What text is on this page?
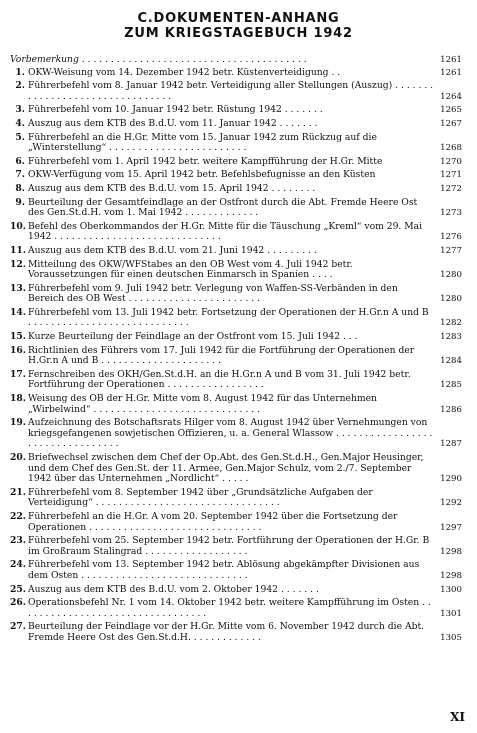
C.DOKUMENTEN-ANHANG
ZUM KRIEGSTAGEBUCH 1942
Vorbemerkung . . . . . . . . . . . . . . . . . . . . . . . . . . . . . . . . . . . . . . .	1261
1. OKW-Weisung vom 14. Dezember 1942 betr. Küstenverteidigung . .	1261
2. Führerbefehl vom 8. Januar 1942 betr. Verteidigung aller Stellungen (Auszug) . . . . . . . . . . . . . . . . . . . . . . . . . . . . . . . .	1264
3. Führerbefehl vom 10. Januar 1942 betr. Rüstung 1942 . . . . . . .	1265
4. Auszug aus dem KTB des B.d.U. vom 11. Januar 1942 . . . . . . .	1267
5. Führerbefehl an die H.Gr. Mitte vom 15. Januar 1942 zum Rückzug auf die „Winterstellung“ . . . . . . . . . . . . . . . . . . . . . . . .	1268
6. Führerbefehl vom 1. April 1942 betr. weitere Kampfführung der H.Gr. Mitte	1270
7. OKW-Verfügung vom 15. April 1942 betr. Befehlsbefugnisse an den Küsten	1271
8. Auszug aus dem KTB des B.d.U. vom 15. April 1942 . . . . . . . .	1272
9. Beurteilung der Gesamtfeindlage an der Ostfront durch die Abt. Fremde Heere Ost des Gen.St.d.H. vom 1. Mai 1942 . . . . . . . . . . . . .	1273
10. Befehl des Oberkommandos der H.Gr. Mitte für die Täuschung „Kreml“ vom 29. Mai 1942 . . . . . . . . . . . . . . . . . . . . . . . . . . . . .	1276
11. Auszug aus dem KTB des B.d.U. vom 21. Juni 1942 . . . . . . . . .	1277
12. Mitteilung des OKW/WFStabes an den OB West vom 4. Juli 1942 betr. Voraussetzungen für einen deutschen Einmarsch in Spanien . . . .	1280
13. Führerbefehl vom 9. Juli 1942 betr. Verlegung von Waffen-SS-Verbänden in den Bereich des OB West . . . . . . . . . . . . . . . . . . . . . . .	1280
14. Führerbefehl vom 13. Juli 1942 betr. Fortsetzung der Operationen der H.Gr.n A und B . . . . . . . . . . . . . . . . . . . . . . . . . . . .	1282
15. Kurze Beurteilung der Feindlage an der Ostfront vom 15. Juli 1942 . . .	1283
16. Richtlinien des Führers vom 17. Juli 1942 für die Fortführung der Operationen der H.Gr.n A und B . . . . . . . . . . . . . . . . . . . . .	1284
17. Fernschreiben des OKH/Gen.St.d.H. an die H.Gr.n A und B vom 31. Juli 1942 betr. Fortführung der Operationen . . . . . . . . . . . . . . . . .	1285
18. Weisung des OB der H.Gr. Mitte vom 8. August 1942 für das Unternehmen „Wirbelwind“ . . . . . . . . . . . . . . . . . . . . . . . . . . . . .	1286
19. Aufzeichnung des Botschaftsrats Hilger vom 8. August 1942 über Vernehmungen von kriegsgefangenen sowjetischen Offizieren, u. a. General Wlassow . . . . . . . . . . . . . . . . . . . . . . . . . . . . . . . . .	1287
20. Briefwechsel zwischen dem Chef der Op.Abt. des Gen.St.d.H., Gen.Major Heusinger, und dem Chef des Gen.St. der 11. Armee, Gen.Major Schulz, vom 2./7. September 1942 über das Unternehmen „Nordlicht“ . . . . .	1290
21. Führerbefehl vom 8. September 1942 über „Grundsätzliche Aufgaben der Verteidigung“ . . . . . . . . . . . . . . . . . . . . . . . . . . . . . . . .	1292
22. Führerbefehl an die H.Gr. A vom 20. September 1942 über die Fortsetzung der Operationen . . . . . . . . . . . . . . . . . . . . . . . . . . . . . .	1297
23. Führerbefehl vom 25. September 1942 betr. Fortführung der Operationen der H.Gr. B im Großraum Stalingrad . . . . . . . . . . . . . . . . . .	1298
24. Führerbefehl vom 13. September 1942 betr. Ablösung abgekämpfter Divisionen aus dem Osten . . . . . . . . . . . . . . . . . . . . . . . . . . . . .	1298
25. Auszug aus dem KTB des B.d.U. vom 2. Oktober 1942 . . . . . . .	1300
26. Operationsbefehl Nr. 1 vom 14. Oktober 1942 betr. weitere Kampfführung im Osten . . . . . . . . . . . . . . . . . . . . . . . . . . . . . . . . .	1301
27. Beurteilung der Feindlage vor der H.Gr. Mitte vom 6. November 1942 durch die Abt. Fremde Heere Ost des Gen.St.d.H. . . . . . . . . . . . .	1305
XI
